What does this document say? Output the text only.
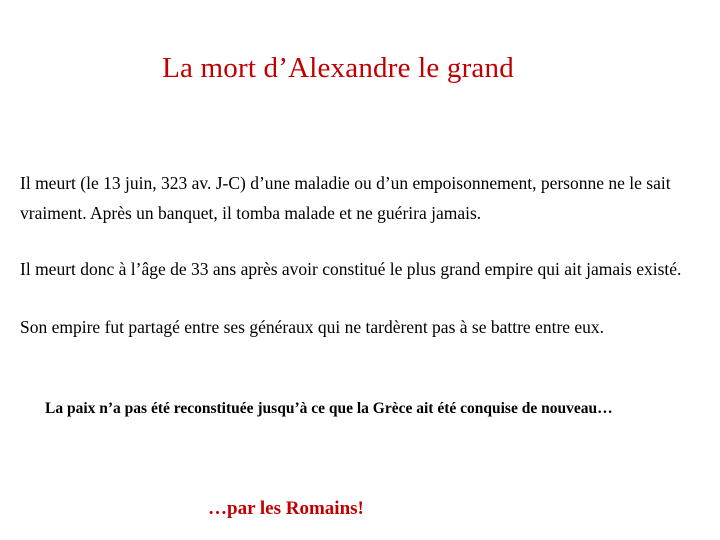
La mort d’Alexandre le grand
Il meurt (le 13 juin, 323 av. J-C) d’une maladie ou d’un empoisonnement, personne ne le sait vraiment. Après un banquet, il tomba malade et ne guérira jamais.
Il meurt donc à l’âge de 33 ans après avoir constitué le plus grand empire qui ait jamais existé.
Son empire fut partagé entre ses généraux qui ne tardèrent pas à se battre entre eux.
La paix n’a pas été reconstituée jusqu’à ce que la Grèce ait été conquise de nouveau…
…par les Romains!
